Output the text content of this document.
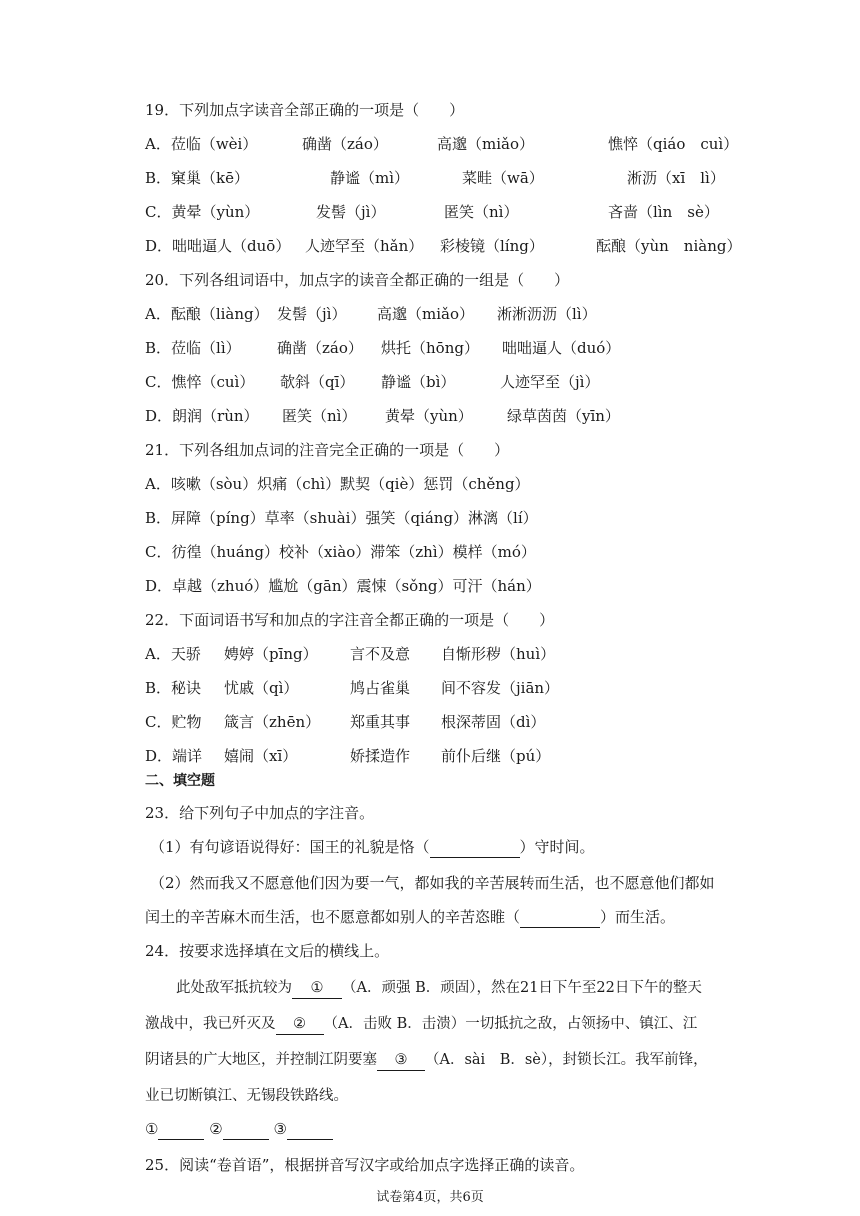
19．下列加点字读音全部正确的一项是（　　）
A．莅临（wèi）	确凿（záo）	高邈（miǎo）	憔悴（qiáo　cuì）
B．窠巢（kē）	静谧（mì）	菜畦（wā）	淅沥（xī　lì）
C．黄晕（yùn）	发髻（jì）	匿笑（nì）	吝啬（lìn　sè）
D．咄咄逼人（duō） 人迹罕至（hǎn） 彩棱镜（líng）	酝酿（yùn　niàng）
20．下列各组词语中，加点字的读音全都正确的一组是（　　）
A．酝酿（liàng） 发髻（jì） 高邈（miǎo） 淅淅沥沥（lì）
B．莅临（lì） 确凿（záo） 烘托（hōng） 咄咄逼人（duó）
C．憔悴（cuì） 欹斜（qī） 静谧（bì）	人迹罕至（jì）
D．朗润（rùn） 匿笑（nì） 黄晕（yùn） 绿草茵茵（yīn）
21．下列各组加点词的注音完全正确的一项是（　　）
A．咳嗽（sòu）炽痛（chì）默契（qiè）惩罚（chěng）
B．屏障（píng）草率（shuài）强笑（qiáng）淋漓（lí）
C．彷徨（huáng）校补（xiào）滞笨（zhì）模样（mó）
D．卓越（zhuó）尴尬（gān）震悚（sǒng）可汗（hán）
22．下面词语书写和加点的字注音全都正确的一项是（　　）
A．天骄 娉婷（pīng） 言不及意 自惭形秽（huì）
B．秘诀 忧戚（qì）	鸠占雀巢 间不容发（jiān）
C．贮物 箴言（zhēn） 郑重其事 根深蒂固（dì）
D．端详 嬉闹（xī）	娇揉造作 前仆后继（pú）
二、填空题
23．给下列句子中加点的字注音。
（1）有句谚语说得好：国王的礼貌是恪（	）守时间。
（2）然而我又不愿意他们因为要一气，都如我的辛苦展转而生活，也不愿意他们都如
闰土的辛苦麻木而生活，也不愿意都如别人的辛苦恣睢（	）而生活。
24．按要求选择填在文后的横线上。
此处敌军抵抗较为 ① （A．顽强 B．顽固），然在21日下午至22日下午的整天
激战中，我已歼灭及 ② （A．击败 B．击溃）一切抵抗之敌，占领扬中、镇江、江
阴诸县的广大地区，并控制江阴要塞 ③ （A．sài　B．sè），封锁长江。我军前锋，
业已切断镇江、无锡段铁路线。
①	②	③
25．阅读“卷首语”，根据拼音写汉字或给加点字选择正确的读音。
试卷第4页，共6页
